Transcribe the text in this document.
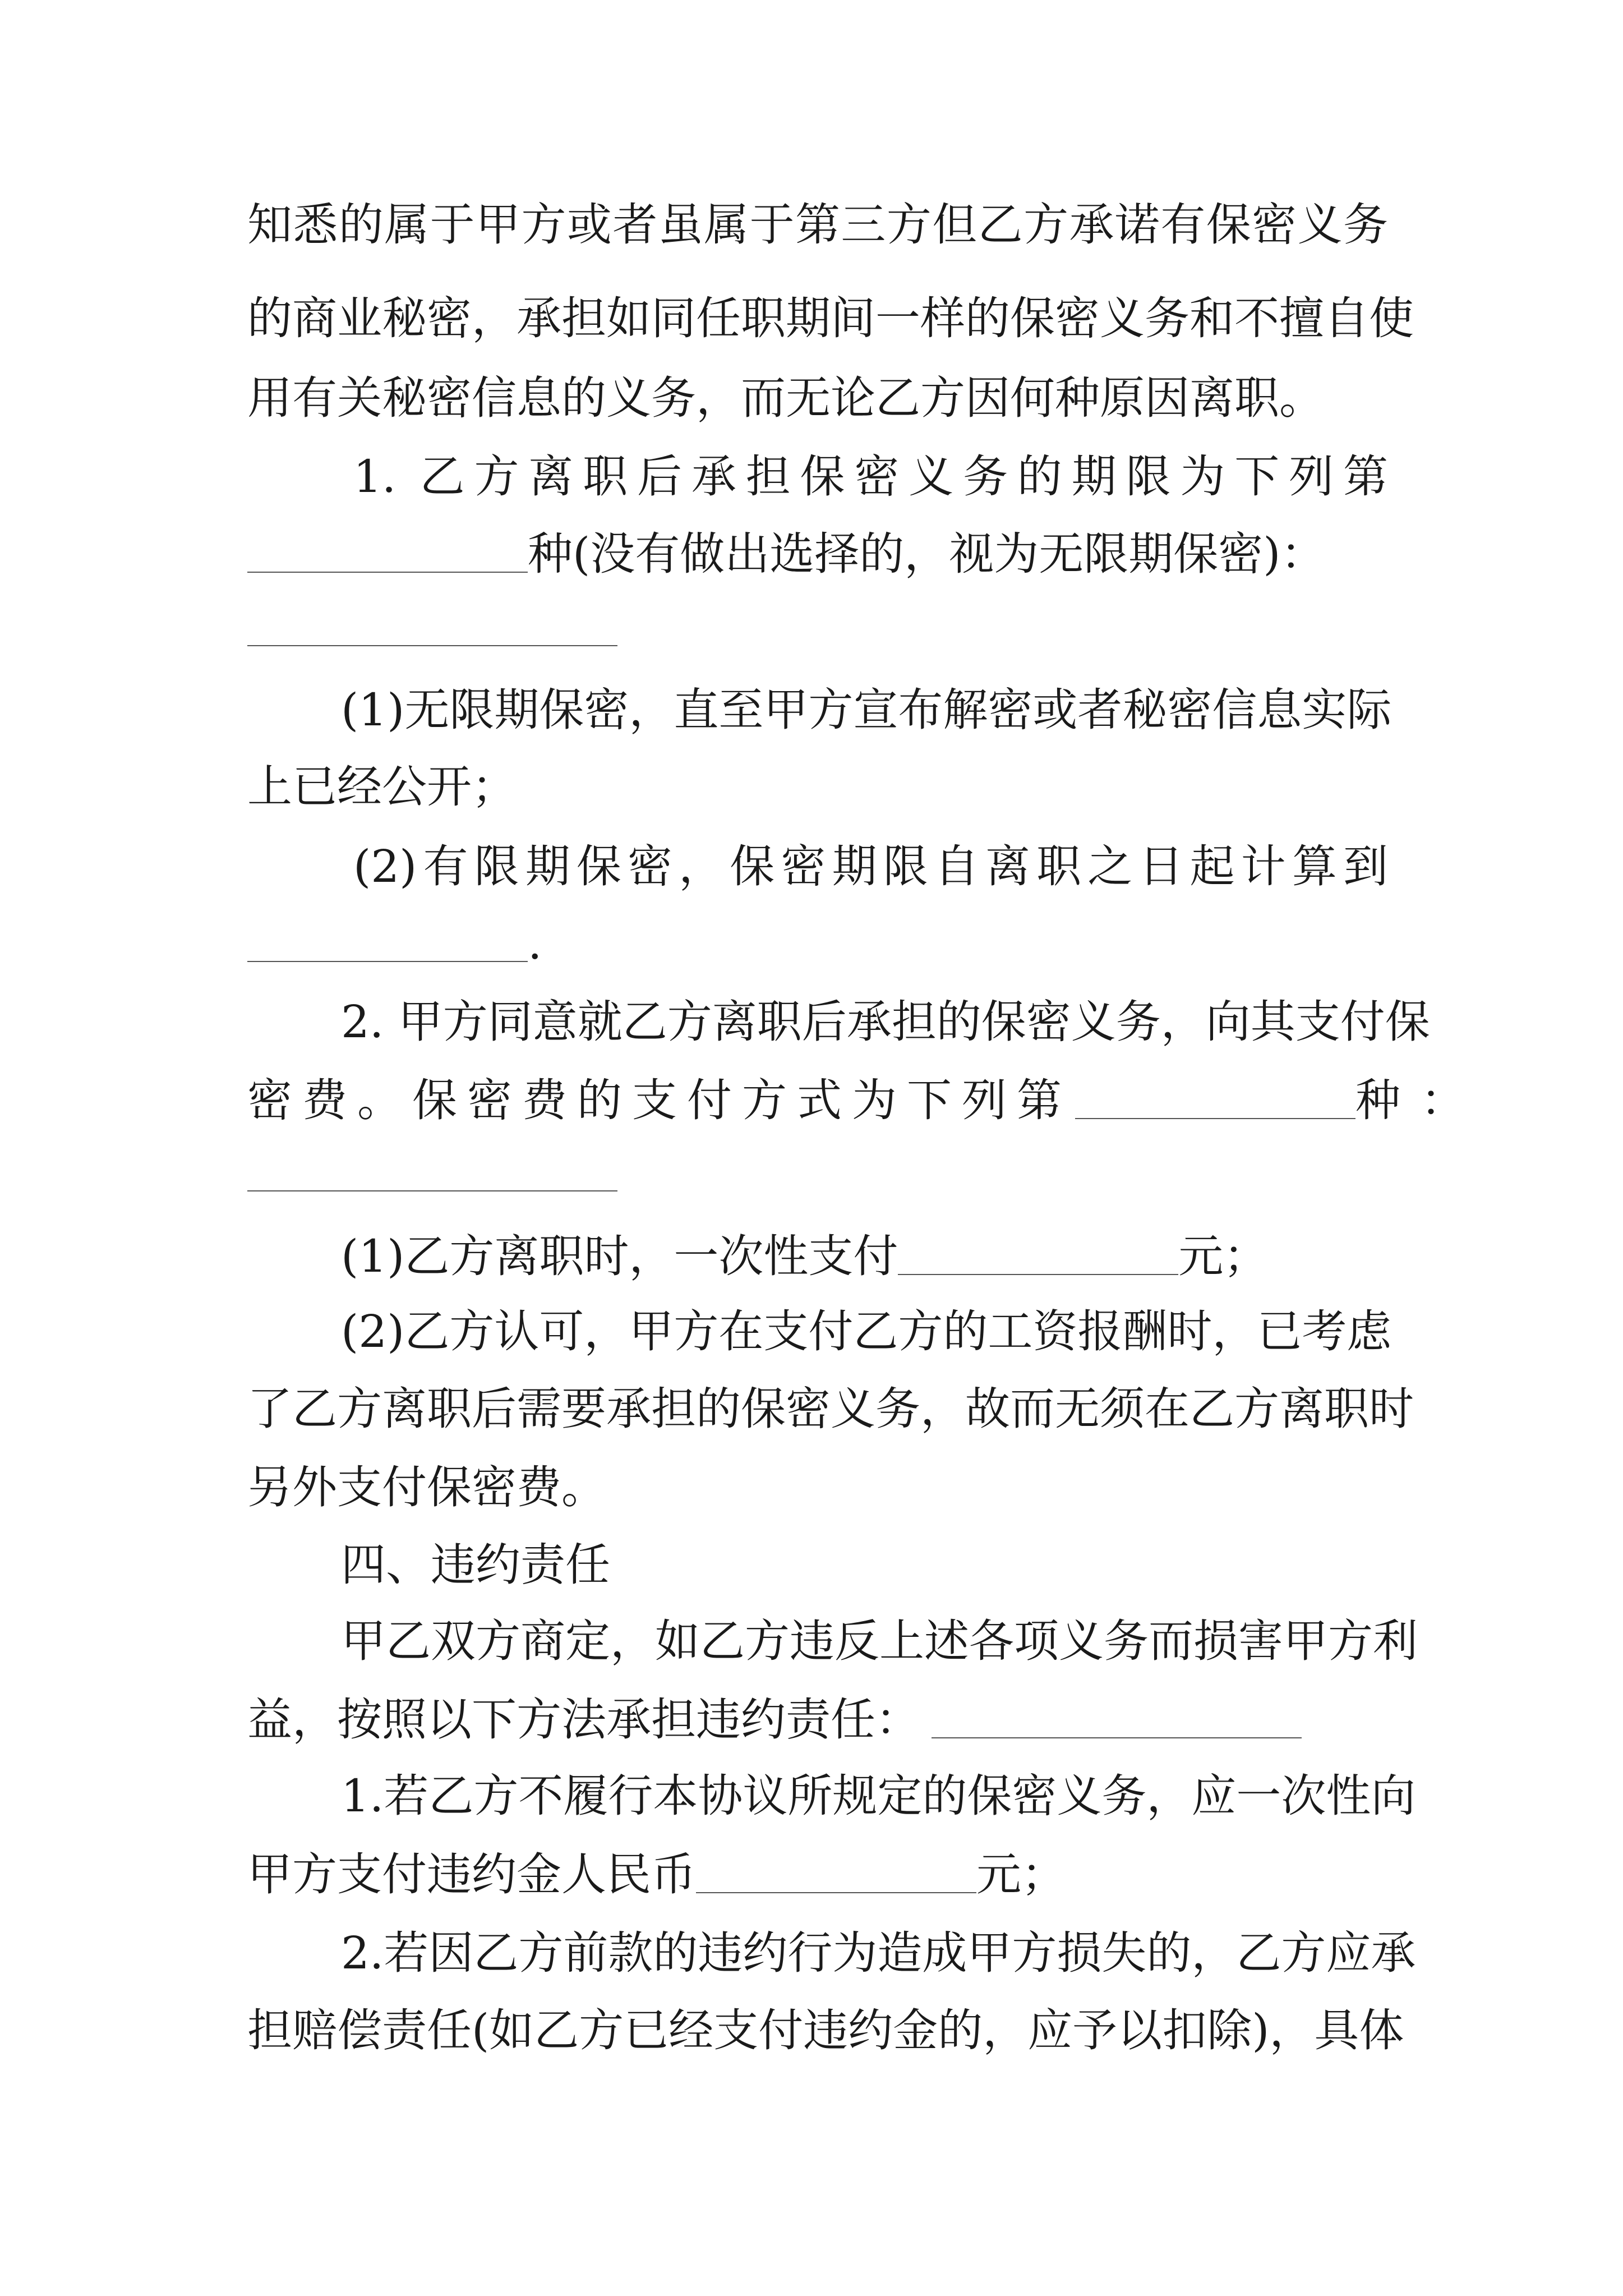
知悉的属于甲方或者虽属于第三方但乙方承诺有保密义务
的商业秘密，承担如同任职期间一样的保密义务和不擅自使
用有关秘密信息的义务，而无论乙方因何种原因离职。
1. 乙方离职后承担保密义务的期限为下列第
种(没有做出选择的，视为无限期保密)：
(1)无限期保密，直至甲方宣布解密或者秘密信息实际
上已经公开；
(2)有限期保密，保密期限自离职之日起计算到
.
2. 甲方同意就乙方离职后承担的保密义务，向其支付保
密费。保密费的支付方式为下列第	种：
(1)乙方离职时，一次性支付	元；
(2)乙方认可，甲方在支付乙方的工资报酬时，已考虑
了乙方离职后需要承担的保密义务，故而无须在乙方离职时
另外支付保密费。
四、违约责任
甲乙双方商定，如乙方违反上述各项义务而损害甲方利
益，按照以下方法承担违约责任：
1.若乙方不履行本协议所规定的保密义务，应一次性向
甲方支付违约金人民币	元；
2.若因乙方前款的违约行为造成甲方损失的，乙方应承
担赔偿责任(如乙方已经支付违约金的，应予以扣除)，具体
